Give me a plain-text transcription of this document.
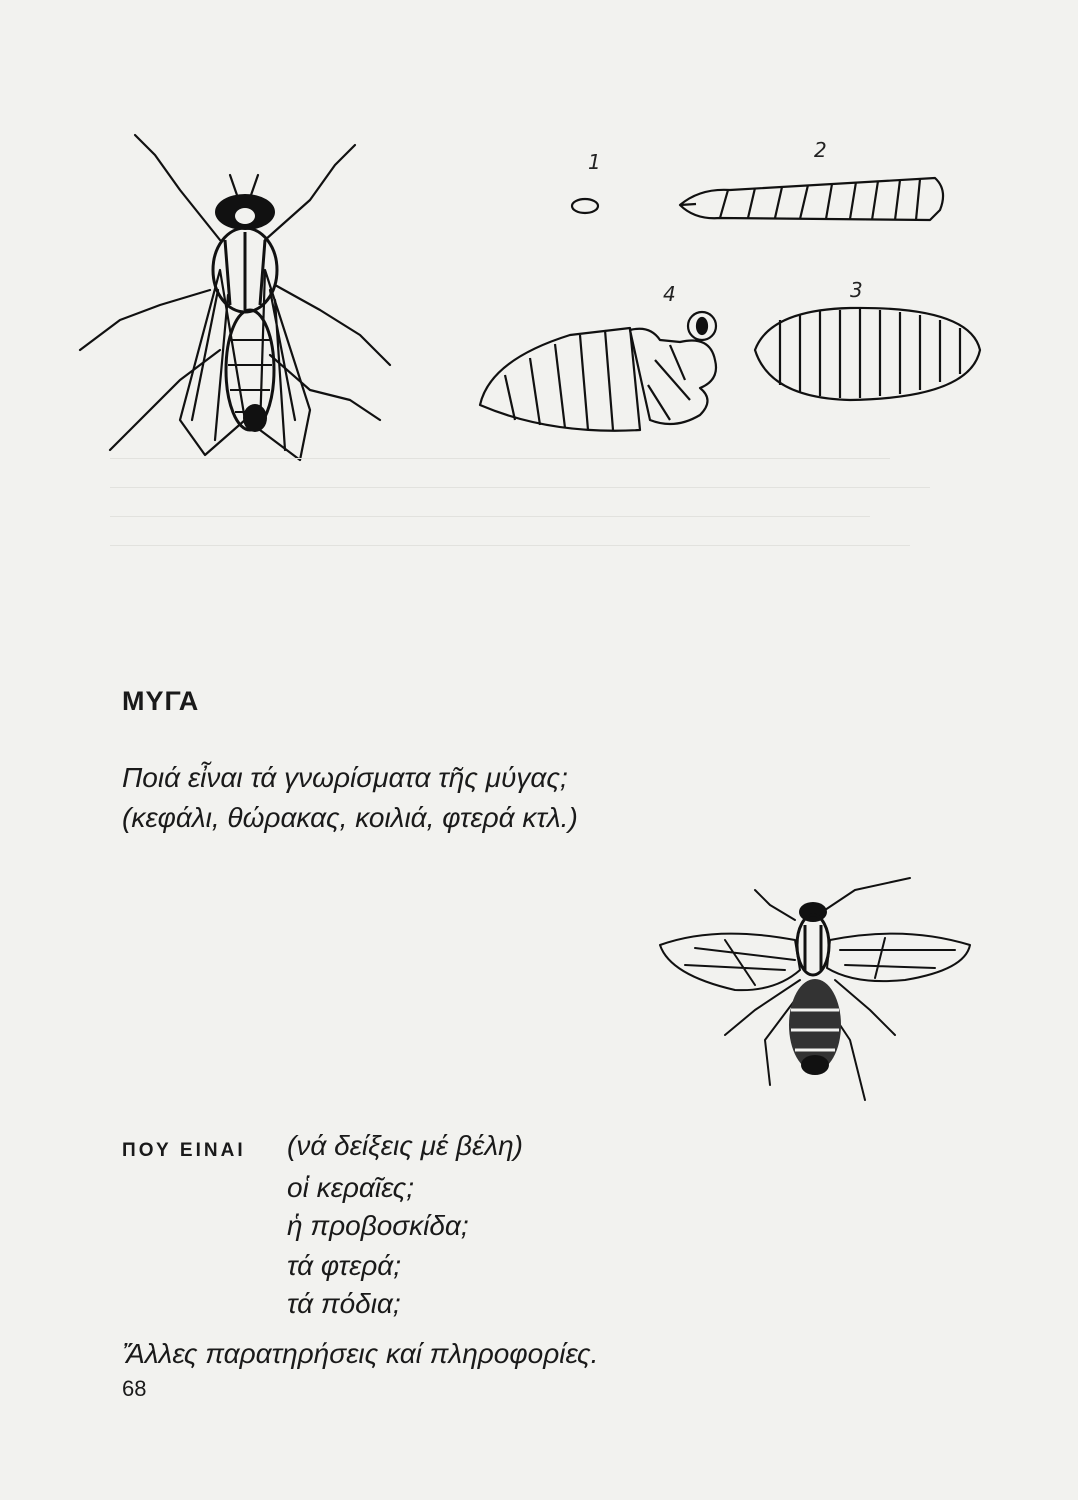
1	2
3
4
ΜΥΓΑ
Ποιά εἶναι τά γνωρίσματα τῆς μύγας;
(κεφάλι, θώρακας, κοιλιά, φτερά κτλ.)
ΠΟΥ ΕΙΝΑΙ (νά δείξεις μέ βέλη)
οἱ κεραῖες;
ἡ προβοσκίδα;
τά φτερά;
τά πόδια;
Ἄλλες παρατηρήσεις καί πληροφορίες.
68
